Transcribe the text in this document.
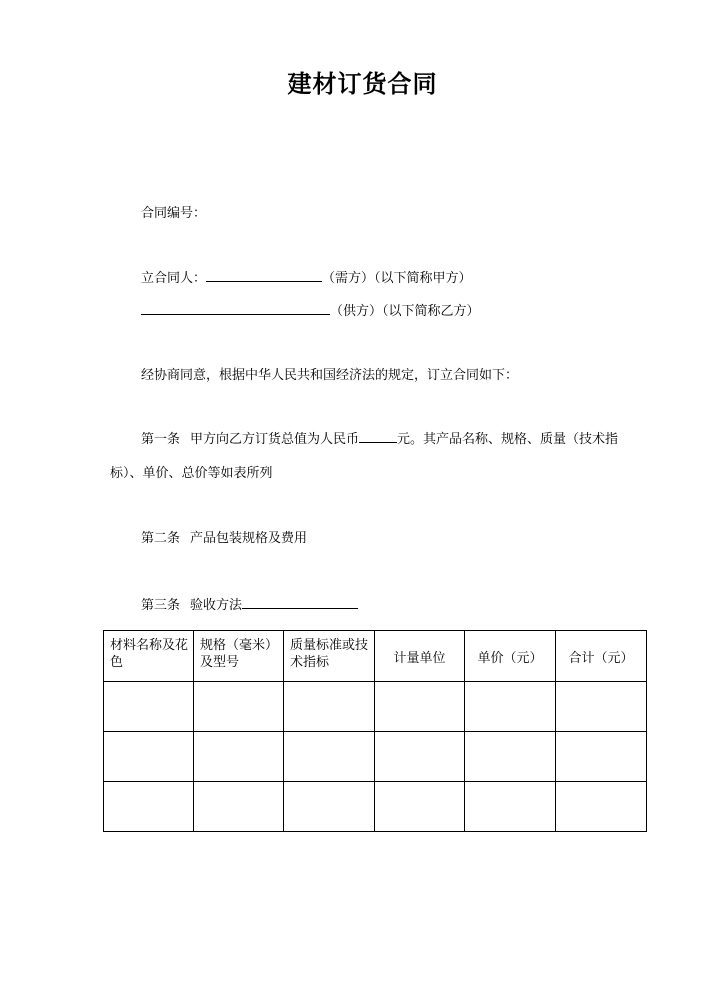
建材订货合同
合同编号：
立合同人：	（需方）（以下简称甲方）
（供方）（以下简称乙方）
经协商同意，根据中华人民共和国经济法的规定，订立合同如下：
第一条 甲方向乙方订货总值为人民币	元。其产品名称、规格、质量（技术指标）、单价、总价等如表所列
第二条 产品包装规格及费用
第三条 验收方法
材料名称及花色	规格（毫米）及型号	质量标准或技术指标	计量单位	单价（元）	合计（元）
